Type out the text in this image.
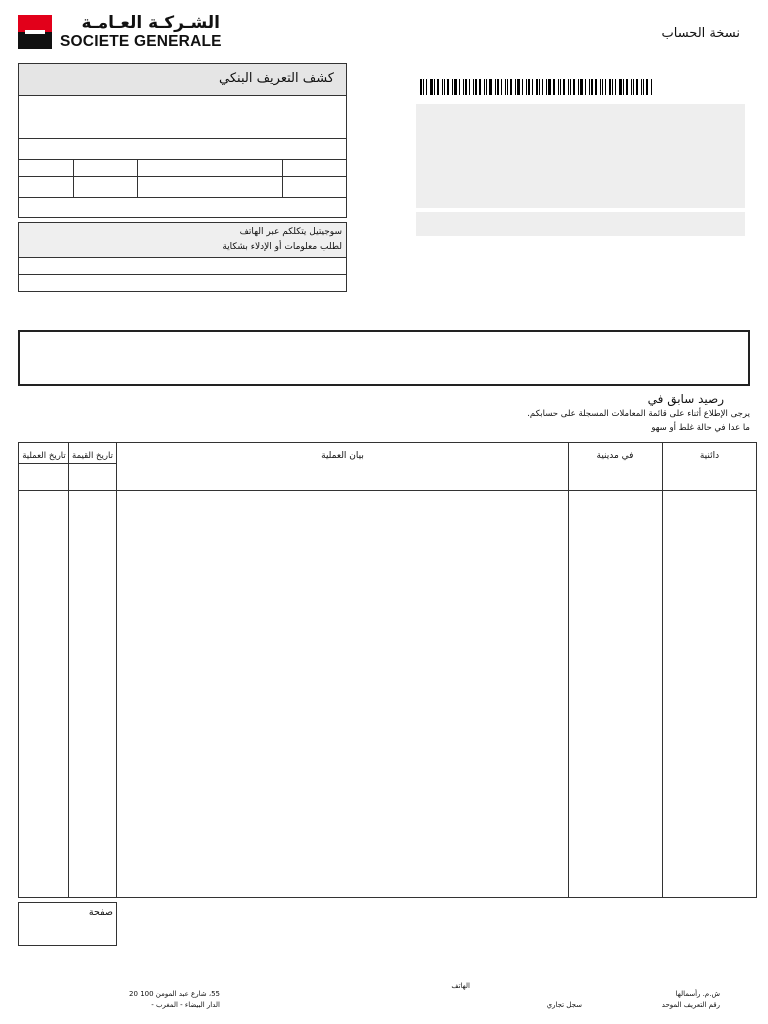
الشـركـة العـامـة
SOCIETE GENERALE	نسخة الحساب
كشف التعريف البنكي
سوجيتيل يتكلكم عبر الهاتف
لطلب معلومات أو الإدلاء بشكاية
رصيد سابق في
يرجى الإطلاع أثناء على قائمة المعاملات المسجلة على حسابكم.
ما عدا في حالة غلط أو سهو
تاريخ العملية تاريخ القيمة	بيان العملية	في مدينية	دائنية
صفحة
55، شارع عبد المومن 100 20
الدار البيضاء - المغرب -
الهاتف
سجل تجاري
ش.م. رأسمالها
رقم التعريف الموحد
